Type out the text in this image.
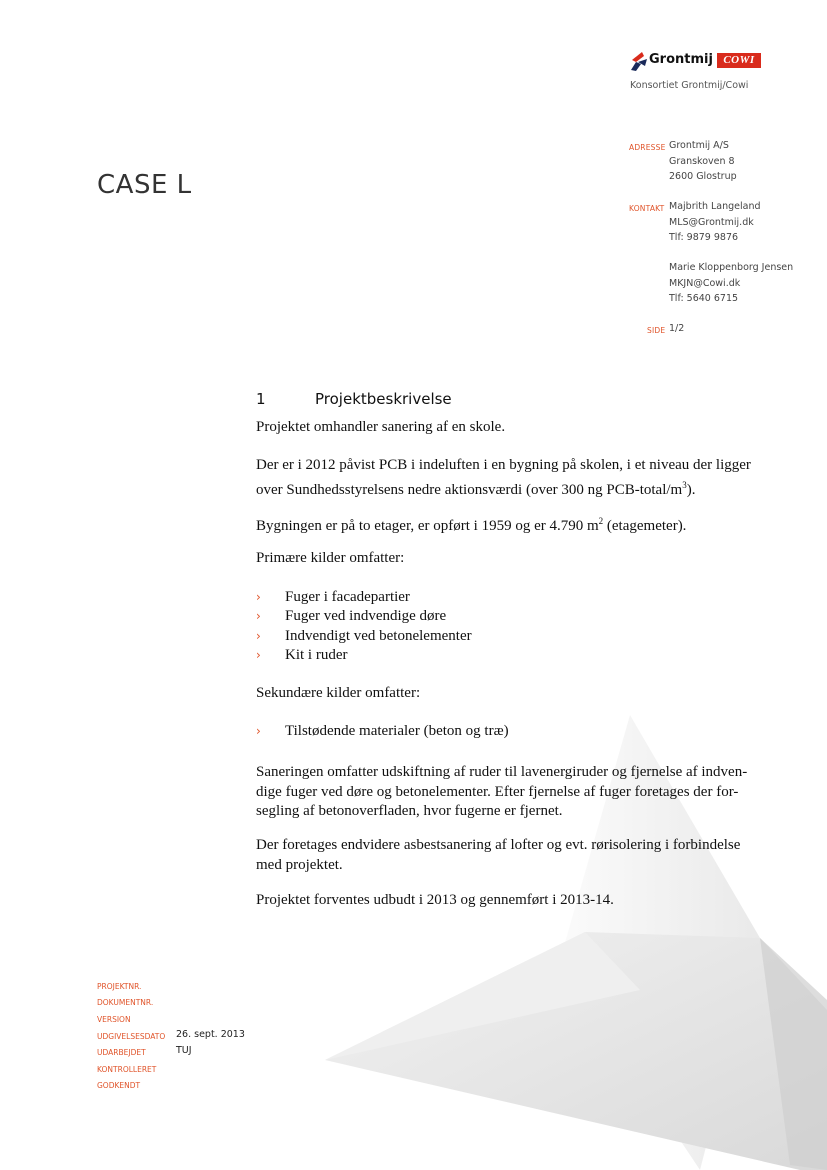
Grontmij COWI
Konsortiet Grontmij/Cowi
ADRESSE Grontmij A/S
Granskoven 8
2600 Glostrup
KONTAKT Majbrith Langeland
MLS@Grontmij.dk
Tlf: 9879 9876
Marie Kloppenborg Jensen
MKJN@Cowi.dk
Tlf: 5640 6715
SIDE 1/2
CASE L
1	Projektbeskrivelse

Projektet omhandler sanering af en skole.

Der er i 2012 påvist PCB i indeluften i en bygning på skolen, i et niveau der ligger
over Sundhedsstyrelsens nedre aktionsværdi (over 300 ng PCB-$total/m^3$).
Bygningen er på to etager, er opført i 1959 og er 4.790 $m^2$ (etagemeter).

Primære kilder omfatter:

› Fuger i facadepartier
› Fuger ved indvendige døre
› Indvendigt ved betonelementer
› Kit i ruder

Sekundære kilder omfatter:

› Tilstødende materialer (beton og træ)
Saneringen omfatter udskiftning af ruder til lavenergiruder og fjernelse af indven-
dige fuger ved døre og betonelementer. Efter fjernelse af fuger foretages der for-
segling af betonoverfladen, hvor fugerne er fjernet.
Der foretages endvidere asbestsanering af lofter og evt. rørisolering i forbindelse
med projektet.

Projektet forventes udbudt i 2013 og gennemført i 2013-14.

PROJEKTNR.
DOKUMENTNR.
VERSION
UDGIVELSESDATO 26. sept. 2013
UDARBEJDET	TUJ
KONTROLLERET
GODKENDT
